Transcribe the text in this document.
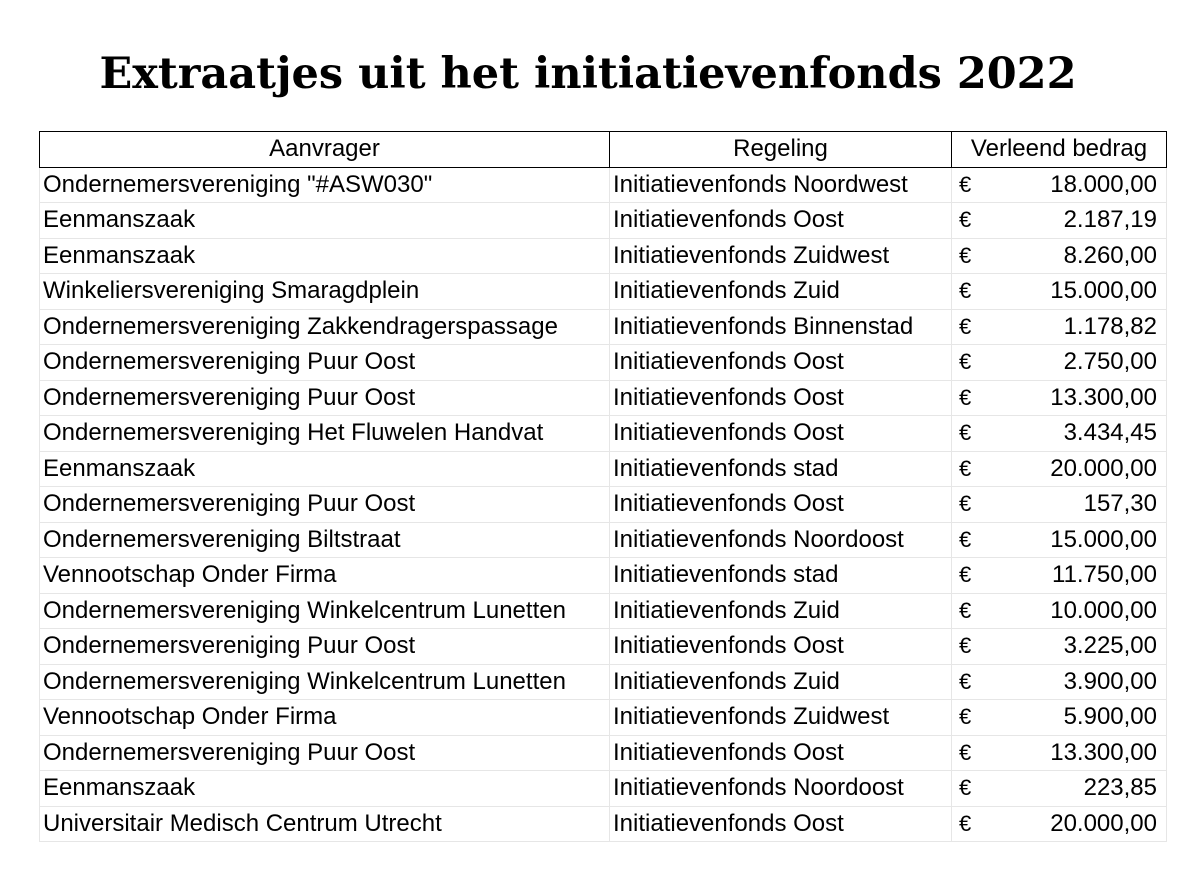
Extraatjes uit het initiatievenfonds 2022
Aanvrager	Regeling	Verleend bedrag
Ondernemersvereniging "#ASW030"	Initiatievenfonds Noordwest	€ 18.000,00

Eenmanszaak	Initiatievenfonds Oost	€ 2.187,19

Eenmanszaak	Initiatievenfonds Zuidwest	€ 8.260,00

Winkeliersvereniging Smaragdplein	Initiatievenfonds Zuid	€ 15.000,00

Ondernemersvereniging Zakkendragerspassage	Initiatievenfonds Binnenstad	€ 1.178,82

Ondernemersvereniging Puur Oost	Initiatievenfonds Oost	€ 2.750,00

Ondernemersvereniging Puur Oost	Initiatievenfonds Oost	€ 13.300,00

Ondernemersvereniging Het Fluwelen Handvat	Initiatievenfonds Oost	€ 3.434,45

Eenmanszaak	Initiatievenfonds stad	€ 20.000,00

Ondernemersvereniging Puur Oost	Initiatievenfonds Oost	€ 157,30

Ondernemersvereniging Biltstraat	Initiatievenfonds Noordoost	€ 15.000,00

Vennootschap Onder Firma	Initiatievenfonds stad	€ 11.750,00

Ondernemersvereniging Winkelcentrum Lunetten	Initiatievenfonds Zuid	€ 10.000,00

Ondernemersvereniging Puur Oost	Initiatievenfonds Oost	€ 3.225,00

Ondernemersvereniging Winkelcentrum Lunetten	Initiatievenfonds Zuid	€ 3.900,00

Vennootschap Onder Firma	Initiatievenfonds Zuidwest	€ 5.900,00

Ondernemersvereniging Puur Oost	Initiatievenfonds Oost	€ 13.300,00

Eenmanszaak	Initiatievenfonds Noordoost	€ 223,85

Universitair Medisch Centrum Utrecht	Initiatievenfonds Oost	€ 20.000,00
